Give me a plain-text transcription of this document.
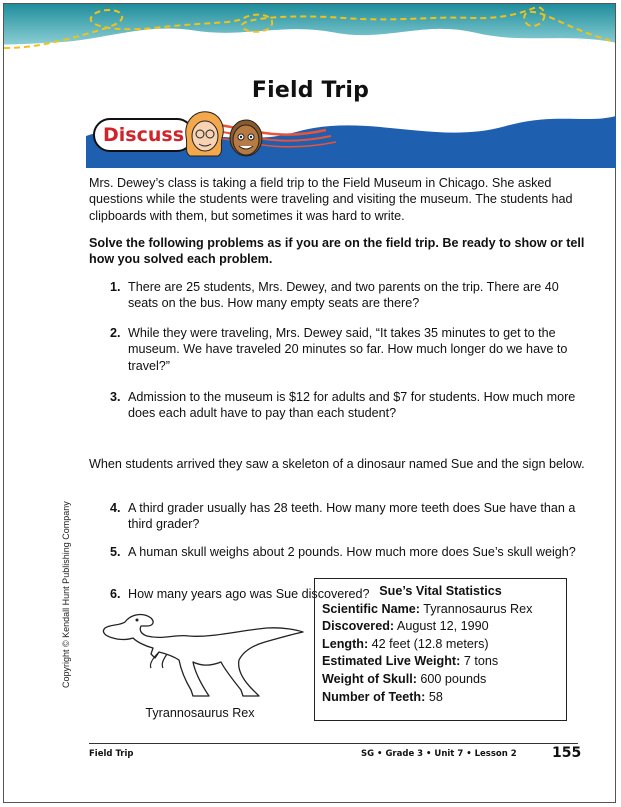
Field Trip
Discuss
Mrs. Dewey’s class is taking a field trip to the Field Museum in Chicago. She asked questions while the students were traveling and visiting the museum. The students had clipboards with them, but sometimes it was hard to write.
Solve the following problems as if you are on the field trip. Be ready to show or tell how you solved each problem.
1. There are 25 students, Mrs. Dewey, and two parents on the trip. There are 40 seats on the bus. How many empty seats are there?
2. While they were traveling, Mrs. Dewey said, “It takes 35 minutes to get to the museum. We have traveled 20 minutes so far. How much longer do we have to travel?”
3. Admission to the museum is $12 for adults and $7 for students. How much more does each adult have to pay than each student?
When students arrived they saw a skeleton of a dinosaur named Sue and the sign below.
4. A third grader usually has 28 teeth. How many more teeth does Sue have than a third grader?
5. A human skull weighs about 2 pounds. How much more does Sue’s skull weigh?
6. How many years ago was Sue discovered?
Copyright © Kendall Hunt Publishing Company
Tyrannosaurus Rex
Sue’s Vital Statistics
Scientific Name: Tyrannosaurus Rex
Discovered: August 12, 1990
Length: 42 feet (12.8 meters)
Estimated Live Weight: 7 tons
Weight of Skull: 600 pounds
Number of Teeth: 58
Field Trip	SG • Grade 3 • Unit 7 • Lesson 2	155
